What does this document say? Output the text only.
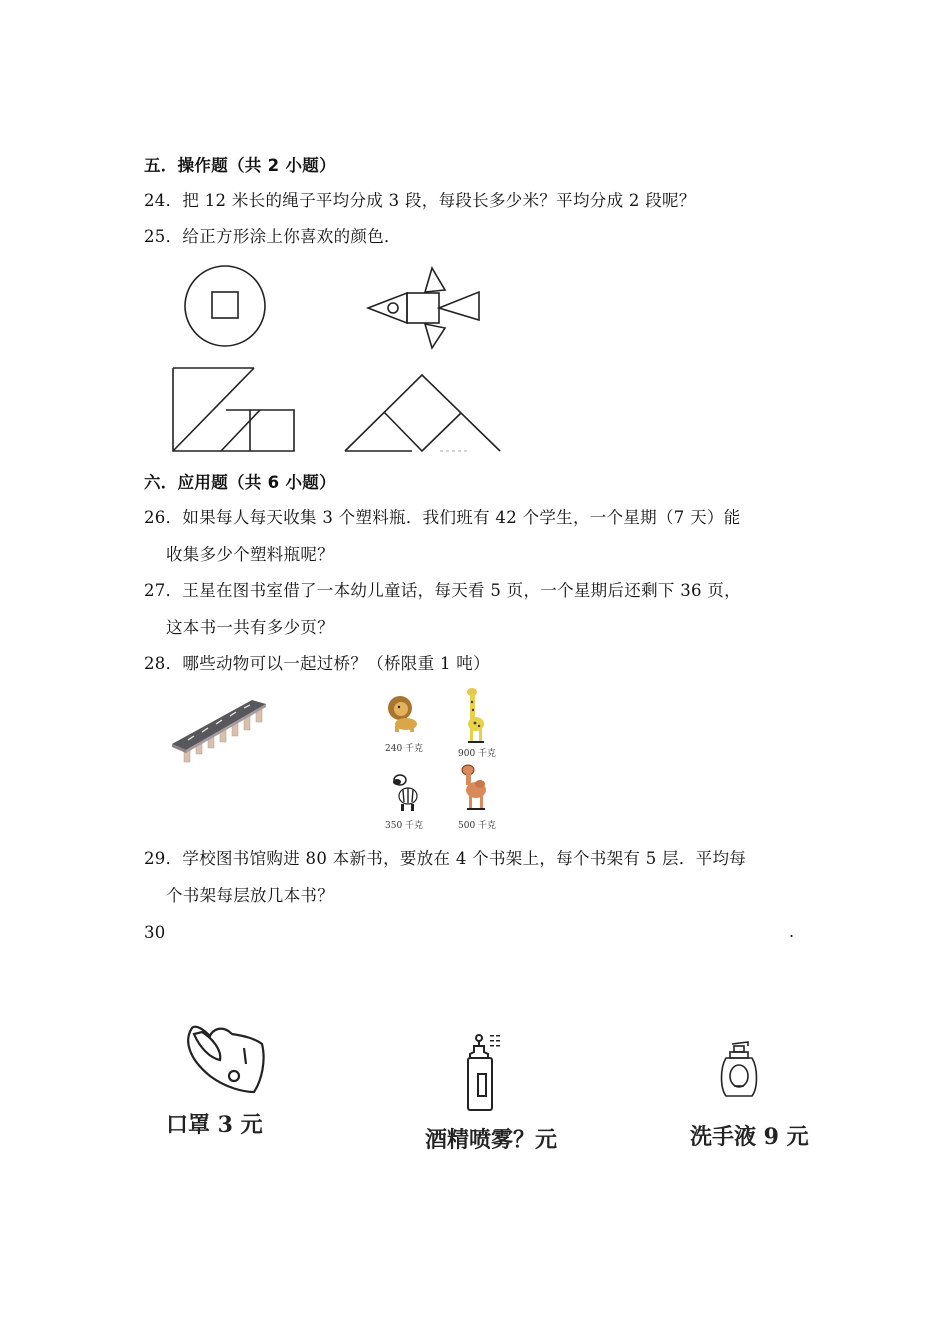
五．操作题（共 2 小题）
24．把 12 米长的绳子平均分成 3 段，每段长多少米？平均分成 2 段呢？
25．给正方形涂上你喜欢的颜色．
六．应用题（共 6 小题）
26．如果每人每天收集 3 个塑料瓶．我们班有 42 个学生，一个星期（7 天）能
收集多少个塑料瓶呢？
27．王星在图书室借了一本幼儿童话，每天看 5 页，一个星期后还剩下 36 页，
这本书一共有多少页？
28．哪些动物可以一起过桥？（桥限重 1 吨）
240 千克	900 千克
350 千克	500 千克
29．学校图书馆购进 80 本新书，要放在 4 个书架上，每个书架有 5 层．平均每
个书架每层放几本书？
30	.
口罩 3 元
酒精喷雾？元	洗手液 9 元
